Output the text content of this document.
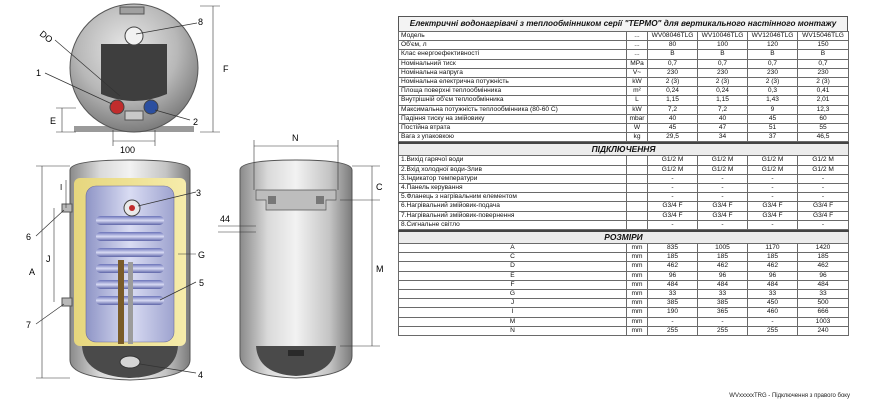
1
2
8
DO
F
E
100
3
5
4
6
7
A
J
I
G
N
C
M
44
Електричні водонагрівачі з теплообмінником серії "ТЕРМО" для вертикального настінного монтажу
Модель	...	WV08046TLG	WV10046TLG	WV12046TLG	WV15046TLG
Об'єм, л	...	80	100	120	150
Клас енергоефективності	...	B	B	B	B
Номінальний тиск	MPa	0,7	0,7	0,7	0,7
Номінальна напруга	V~	230	230	230	230
Номінальна електрична потужність	kW	2 (3)	2 (3)	2 (3)	2 (3)
Площа поверхні теплообмінника	m²	0,24	0,24	0,3	0,41
Внутрішній об'єм теплообмінника	L	1,15	1,15	1,43	2,01
Максимальна потужність теплообмінника (80-60 С)	kW	7,2	7,2	9	12,3
Падіння тиску на змійовику	mbar	40	40	45	60
Постійна втрата	W	45	47	51	55
Вага з упаковкою	kg	29,5	34	37	46,5
ПІДКЛЮЧЕННЯ					
1.Вихід гарячої води		G1/2 M	G1/2 M	G1/2 M	G1/2 M
2.Вхід холодної води-Злив		G1/2 M	G1/2 M	G1/2 M	G1/2 M
3.Індикатор температури		-	-	-	-
4.Панель керування		-	-	-	-
5.Фланець з нагрівальним елементом		-	-	-	-
6.Нагрівальний змійовик-подача		G3/4 F	G3/4 F	G3/4 F	G3/4 F
7.Нагрівальний змійовик-повернення		G3/4 F	G3/4 F	G3/4 F	G3/4 F
8.Сигнальне світло		-	-	-	-
РОЗМІРИ					
A	mm	835	1005	1170	1420
C	mm	185	185	185	185
D	mm	462	462	462	462
E	mm	96	96	96	96
F	mm	484	484	484	484
G	mm	33	33	33	33
J	mm	385	385	450	500
I	mm	190	365	460	666
M	mm	-	-	-	1003
N	mm	255	255	255	240
WVxxxxxTRG - Підключення з правого боку
